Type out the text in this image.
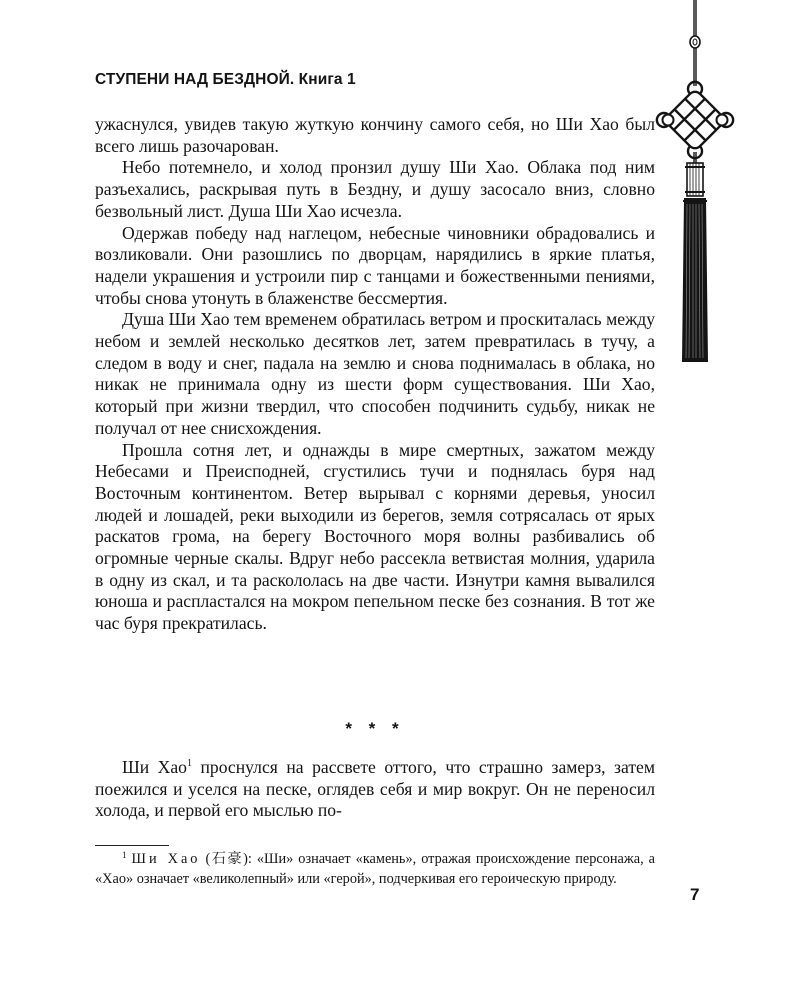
СТУПЕНИ НАД БЕЗДНОЙ. Книга 1

ужаснулся, увидев такую жуткую кончину самого себя, но Ши Хао был всего лишь разочарован.

Небо потемнело, и холод пронзил душу Ши Хао. Облака под ним разъехались, раскрывая путь в Бездну, и душу засосало вниз, словно безвольный лист. Душа Ши Хао исчезла.

Одержав победу над наглецом, небесные чиновники обрадовались и возликовали. Они разошлись по дворцам, нарядились в яркие платья, надели украшения и устроили пир с танцами и божественными пениями, чтобы снова утонуть в блаженстве бессмертия.

Душа Ши Хао тем временем обратилась ветром и проскиталась между небом и землей несколько десятков лет, затем превратилась в тучу, а следом в воду и снег, падала на землю и снова поднималась в облака, но никак не принимала одну из шести форм существования. Ши Хао, который при жизни твердил, что способен подчинить судьбу, никак не получал от нее снисхождения.

Прошла сотня лет, и однажды в мире смертных, зажатом между Небесами и Преисподней, сгустились тучи и поднялась буря над Восточным континентом. Ветер вырывал с корнями деревья, уносил людей и лошадей, реки выходили из берегов, земля сотрясалась от ярых раскатов грома, на берегу Восточного моря волны разбивались об огромные черные скалы. Вдруг небо рассекла ветвистая молния, ударила в одну из скал, и та раскололась на две части. Изнутри камня вывалился юноша и распластался на мокром пепельном песке без сознания. В тот же час буря прекратилась.

* * *

Ши Хао$^1$ проснулся на рассвете оттого, что страшно замерз, затем поежился и уселся на песке, оглядев себя и мир вокруг. Он не переносил холода, и первой его мыслью по-

$^1$ Ши Хао (石豪): «Ши» означает «камень», отражая происхождение персонажа, а «Хао» означает «великолепный» или «герой», подчеркивая его героическую природу.

7
